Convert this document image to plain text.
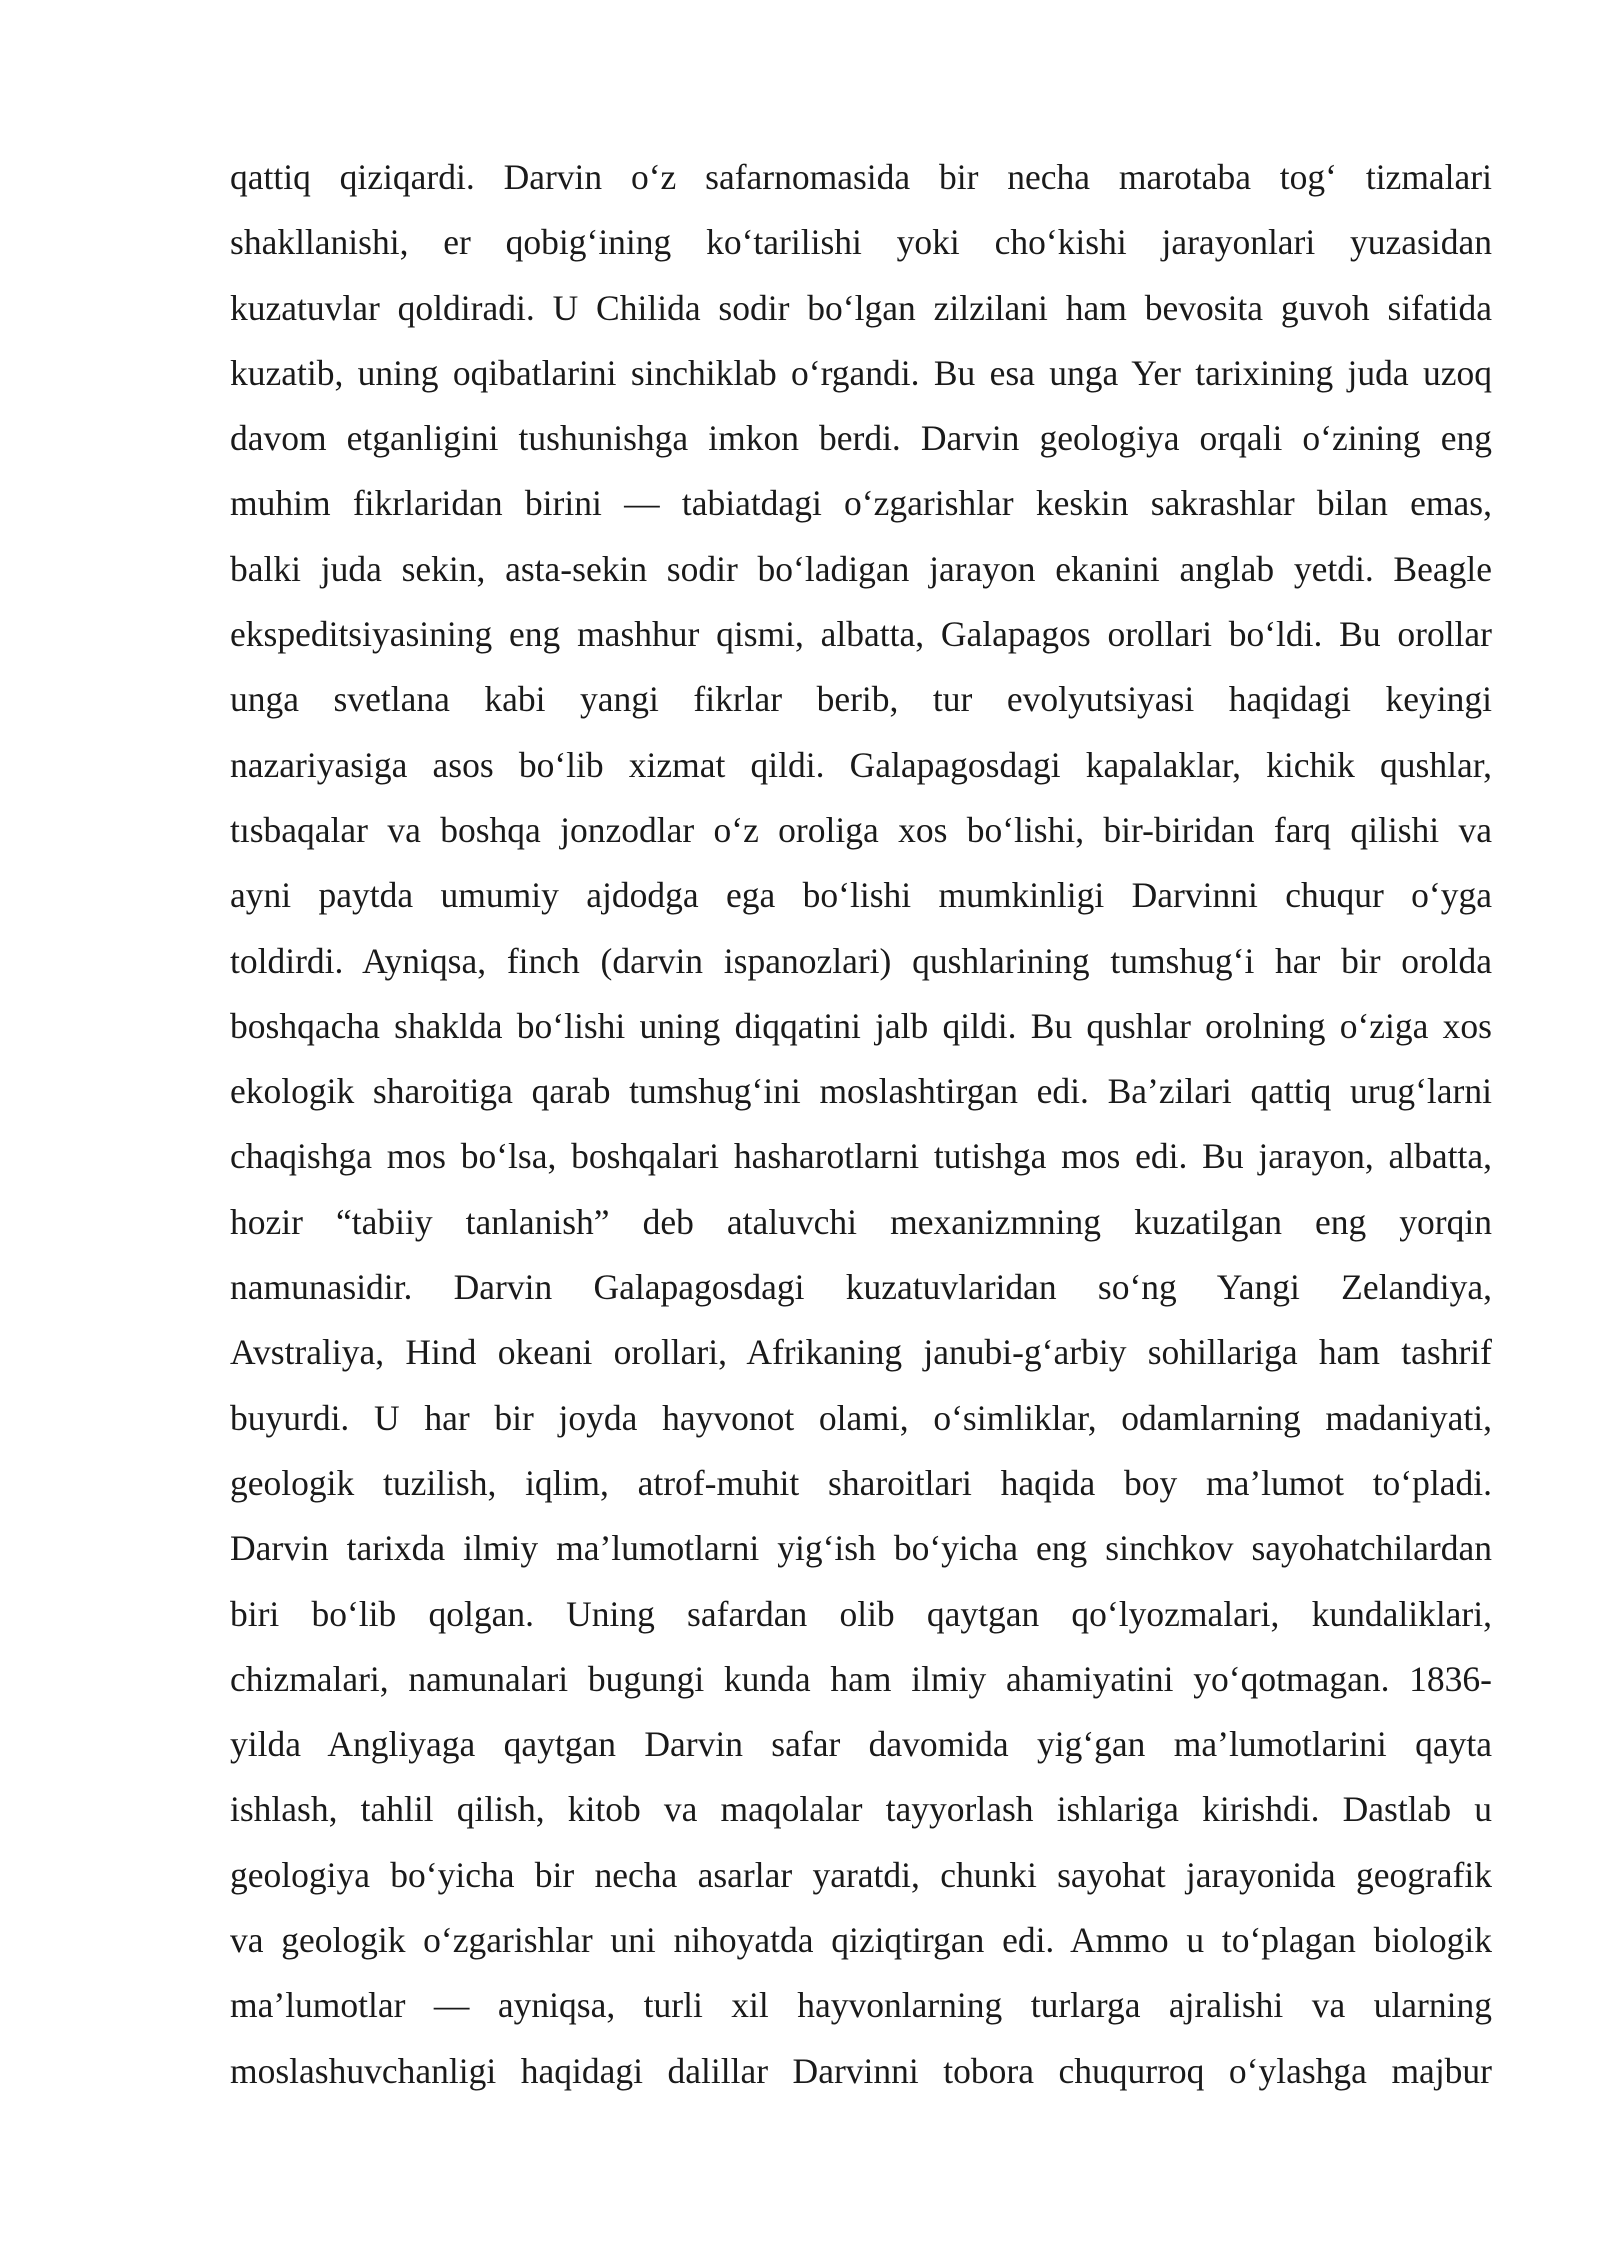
qattiq qiziqardi. Darvin o‘z safarnomasida bir necha marotaba tog‘ tizmalari
shakllanishi, er qobig‘ining ko‘tarilishi yoki cho‘kishi jarayonlari yuzasidan
kuzatuvlar qoldiradi. U Chilida sodir bo‘lgan zilzilani ham bevosita guvoh sifatida
kuzatib, uning oqibatlarini sinchiklab o‘rgandi. Bu esa unga Yer tarixining juda uzoq
davom etganligini tushunishga imkon berdi. Darvin geologiya orqali o‘zining eng
muhim fikrlaridan birini — tabiatdagi o‘zgarishlar keskin sakrashlar bilan emas,
balki juda sekin, asta-sekin sodir bo‘ladigan jarayon ekanini anglab yetdi. Beagle
ekspeditsiyasining eng mashhur qismi, albatta, Galapagos orollari bo‘ldi. Bu orollar
unga svetlana kabi yangi fikrlar berib, tur evolyutsiyasi haqidagi keyingi
nazariyasiga asos bo‘lib xizmat qildi. Galapagosdagi kapalaklar, kichik qushlar,
tısbaqalar va boshqa jonzodlar o‘z oroliga xos bo‘lishi, bir-biridan farq qilishi va
ayni paytda umumiy ajdodga ega bo‘lishi mumkinligi Darvinni chuqur o‘yga
toldirdi. Ayniqsa, finch (darvin ispanozlari) qushlarining tumshug‘i har bir orolda
boshqacha shaklda bo‘lishi uning diqqatini jalb qildi. Bu qushlar orolning o‘ziga xos
ekologik sharoitiga qarab tumshug‘ini moslashtirgan edi. Ba’zilari qattiq urug‘larni
chaqishga mos bo‘lsa, boshqalari hasharotlarni tutishga mos edi. Bu jarayon, albatta,
hozir “tabiiy tanlanish” deb ataluvchi mexanizmning kuzatilgan eng yorqin
namunasidir. Darvin Galapagosdagi kuzatuvlaridan so‘ng Yangi Zelandiya,
Avstraliya, Hind okeani orollari, Afrikaning janubi-g‘arbiy sohillariga ham tashrif
buyurdi. U har bir joyda hayvonot olami, o‘simliklar, odamlarning madaniyati,
geologik tuzilish, iqlim, atrof-muhit sharoitlari haqida boy ma’lumot to‘pladi.
Darvin tarixda ilmiy ma’lumotlarni yig‘ish bo‘yicha eng sinchkov sayohatchilardan
biri bo‘lib qolgan. Uning safardan olib qaytgan qo‘lyozmalari, kundaliklari,
chizmalari, namunalari bugungi kunda ham ilmiy ahamiyatini yo‘qotmagan. 1836-
yilda Angliyaga qaytgan Darvin safar davomida yig‘gan ma’lumotlarini qayta
ishlash, tahlil qilish, kitob va maqolalar tayyorlash ishlariga kirishdi. Dastlab u
geologiya bo‘yicha bir necha asarlar yaratdi, chunki sayohat jarayonida geografik
va geologik o‘zgarishlar uni nihoyatda qiziqtirgan edi. Ammo u to‘plagan biologik
ma’lumotlar — ayniqsa, turli xil hayvonlarning turlarga ajralishi va ularning
moslashuvchanligi haqidagi dalillar Darvinni tobora chuqurroq o‘ylashga majbur
